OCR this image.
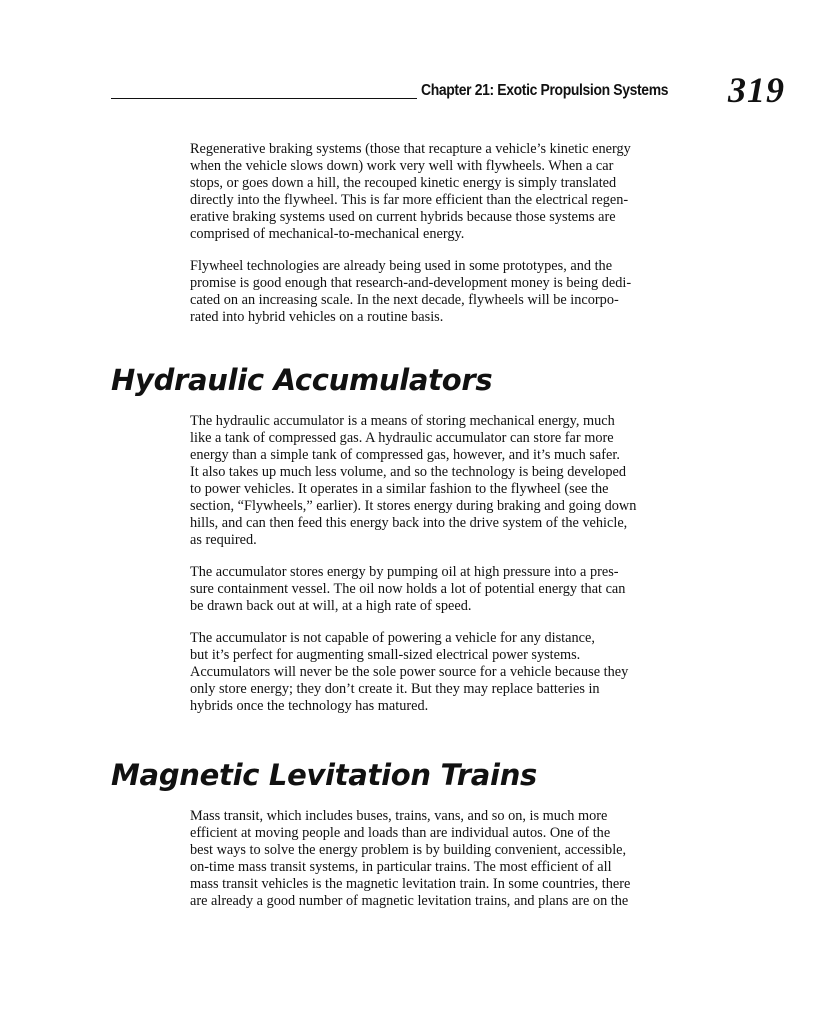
Chapter 21: Exotic Propulsion Systems 319

Regenerative braking systems (those that recapture a vehicle’s kinetic energy
when the vehicle slows down) work very well with flywheels. When a car
stops, or goes down a hill, the recouped kinetic energy is simply translated
directly into the flywheel. This is far more efficient than the electrical regen-
erative braking systems used on current hybrids because those systems are
comprised of mechanical-to-mechanical energy.

Flywheel technologies are already being used in some prototypes, and the
promise is good enough that research-and-development money is being dedi-
cated on an increasing scale. In the next decade, flywheels will be incorpo-
rated into hybrid vehicles on a routine basis.

Hydraulic Accumulators

The hydraulic accumulator is a means of storing mechanical energy, much
like a tank of compressed gas. A hydraulic accumulator can store far more
energy than a simple tank of compressed gas, however, and it’s much safer.
It also takes up much less volume, and so the technology is being developed
to power vehicles. It operates in a similar fashion to the flywheel (see the
section, “Flywheels,” earlier). It stores energy during braking and going down
hills, and can then feed this energy back into the drive system of the vehicle,
as required.

The accumulator stores energy by pumping oil at high pressure into a pres-
sure containment vessel. The oil now holds a lot of potential energy that can
be drawn back out at will, at a high rate of speed.

The accumulator is not capable of powering a vehicle for any distance,
but it’s perfect for augmenting small-sized electrical power systems.
Accumulators will never be the sole power source for a vehicle because they
only store energy; they don’t create it. But they may replace batteries in
hybrids once the technology has matured.

Magnetic Levitation Trains

Mass transit, which includes buses, trains, vans, and so on, is much more
efficient at moving people and loads than are individual autos. One of the
best ways to solve the energy problem is by building convenient, accessible,
on-time mass transit systems, in particular trains. The most efficient of all
mass transit vehicles is the magnetic levitation train. In some countries, there
are already a good number of magnetic levitation trains, and plans are on the
